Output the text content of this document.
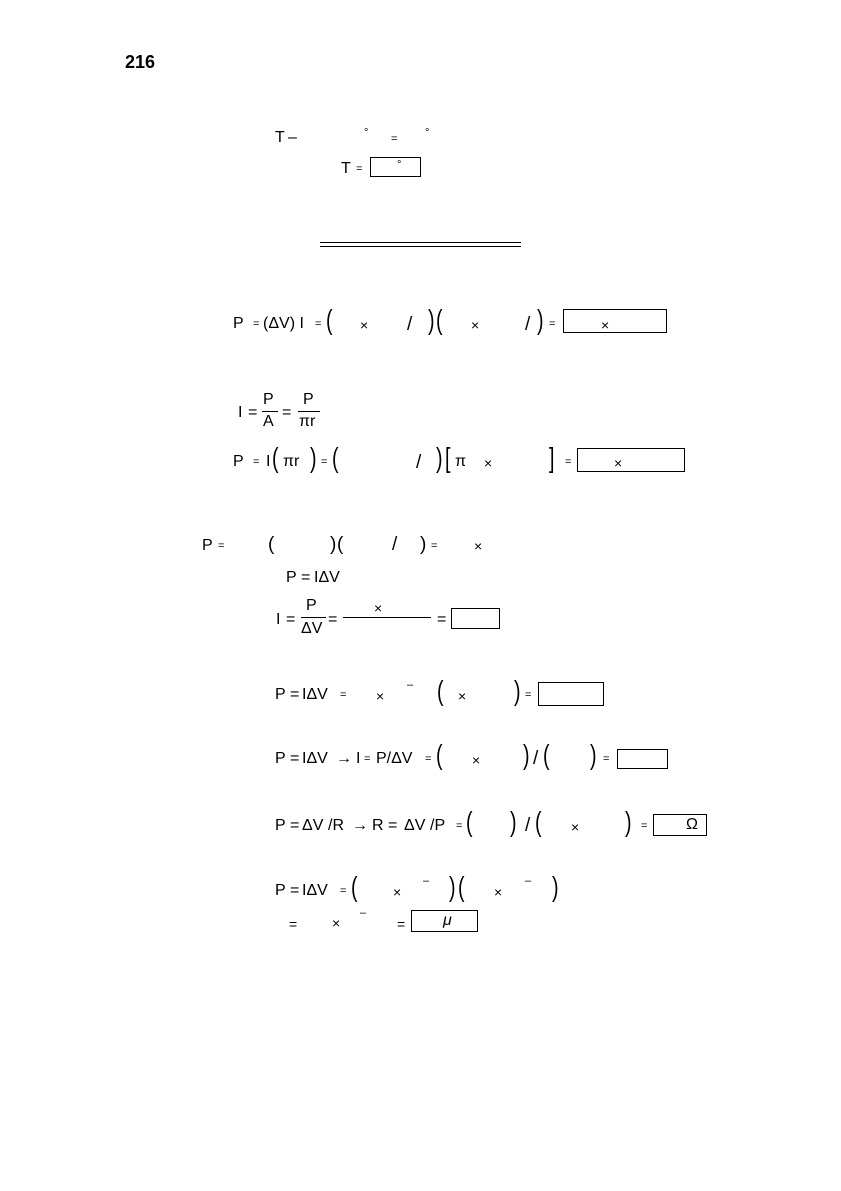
216
T –	° =	°
T =	°
P = (ΔV) I = ( × / ) ( × / ) =	×
I =
P
A
=
P
πr
P = I ( πr ) = (	/ ) [ π × ] =	×
P = (	) (	/ ) =	×
P = IΔV
I =
P
ΔV
=
×
=
P = IΔV = ×
– ( × ) =
P = IΔV → I = P/ΔV = ( × ) / ( ) =
P = ΔV /R → R = ΔV /P = ( ) / ( × ) = Ω
P = IΔV = (	×
– ) ( ×
– )
= ×
–
= μ
